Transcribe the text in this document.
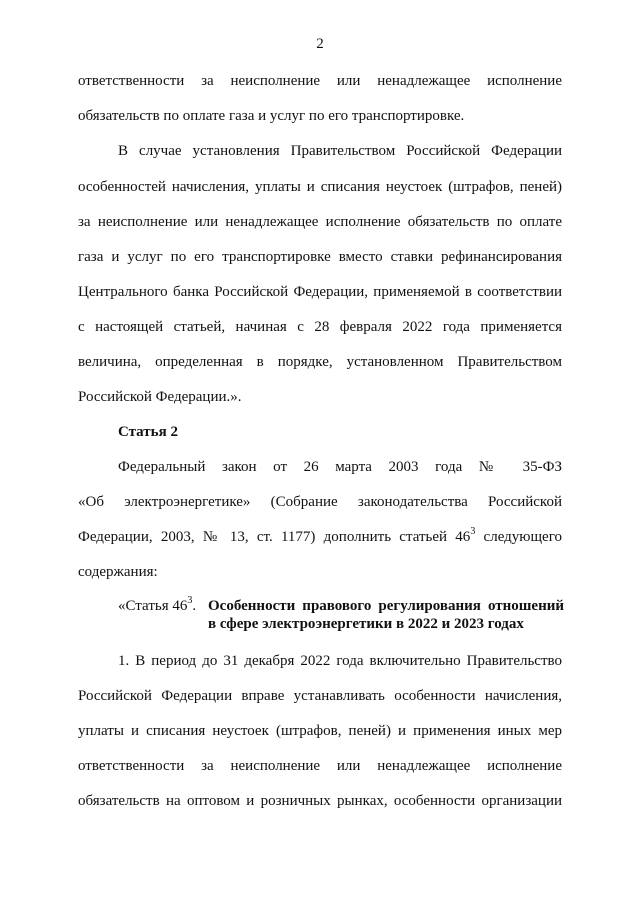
2
ответственности за неисполнение или ненадлежащее исполнение
обязательств по оплате газа и услуг по его транспортировке.
В случае установления Правительством Российской Федерации
особенностей начисления, уплаты и списания неустоек (штрафов, пеней)
за неисполнение или ненадлежащее исполнение обязательств по оплате
газа и услуг по его транспортировке вместо ставки рефинансирования
Центрального банка Российской Федерации, применяемой в соответствии
с настоящей статьей, начиная с 28 февраля 2022 года применяется
величина, определенная в порядке, установленном Правительством
Российской Федерации.».
Статья 2
Федеральный закон от 26 марта 2003 года № 35-ФЗ
«Об электроэнергетике» (Собрание законодательства Российской
Федерации, 2003, № 13, ст. 1177) дополнить статьей $46^3$ следующего
содержания:
«Статья $46^3$. Особенности правового регулирования отношений
в сфере электроэнергетики в 2022 и 2023 годах
1. В период до 31 декабря 2022 года включительно Правительство
Российской Федерации вправе устанавливать особенности начисления,
уплаты и списания неустоек (штрафов, пеней) и применения иных мер
ответственности за неисполнение или ненадлежащее исполнение
обязательств на оптовом и розничных рынках, особенности организации
